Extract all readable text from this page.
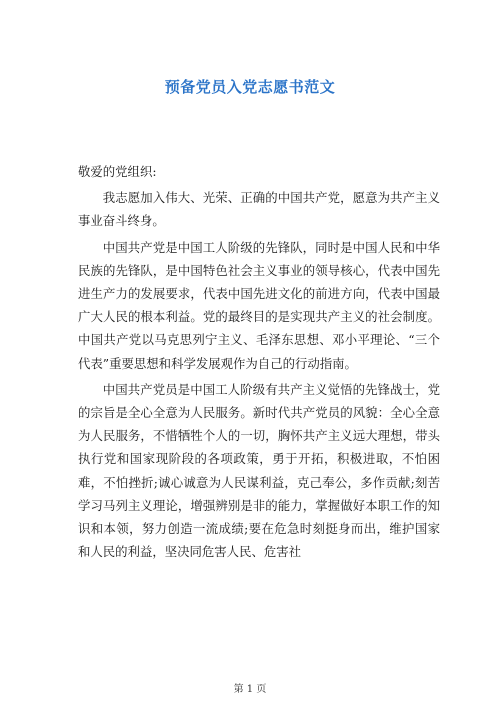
预备党员入党志愿书范文

敬爱的党组织:

我志愿加入伟大、光荣、正确的中国共产党，愿意为共产主义事业奋斗终身。

中国共产党是中国工人阶级的先锋队，同时是中国人民和中华民族的先锋队，是中国特色社会主义事业的领导核心，代表中国先进生产力的发展要求，代表中国先进文化的前进方向，代表中国最广大人民的根本利益。党的最终目的是实现共产主义的社会制度。中国共产党以马克思列宁主义、毛泽东思想、邓小平理论、“三个代表”重要思想和科学发展观作为自己的行动指南。

中国共产党员是中国工人阶级有共产主义觉悟的先锋战士，党的宗旨是全心全意为人民服务。新时代共产党员的风貌：全心全意为人民服务，不惜牺牲个人的一切，胸怀共产主义远大理想，带头执行党和国家现阶段的各项政策，勇于开拓，积极进取，不怕困难，不怕挫折;诚心诚意为人民谋利益，克己奉公，多作贡献;刻苦学习马列主义理论，增强辨别是非的能力，掌握做好本职工作的知识和本领，努力创造一流成绩;要在危急时刻挺身而出，维护国家和人民的利益，坚决同危害人民、危害社

第 1 页
